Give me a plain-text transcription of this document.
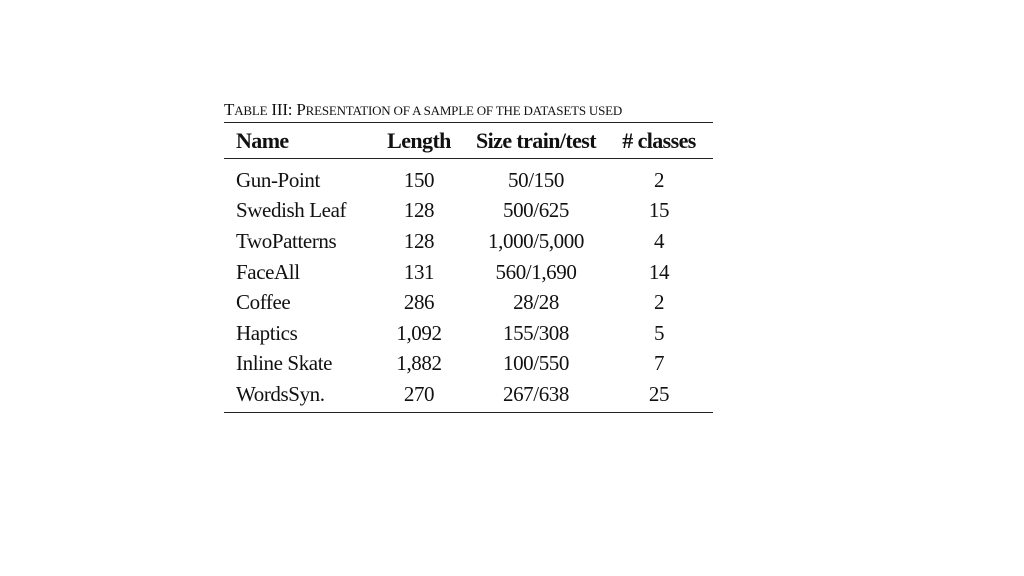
TABLE III: PRESENTATION OF A SAMPLE OF THE DATASETS USED
Name	Length	Size train/test	# classes
Gun-Point	150	50/150	2
Swedish Leaf	128	500/625	15
TwoPatterns	128	1,000/5,000	4
FaceAll	131	560/1,690	14
Coffee	286	28/28	2
Haptics	1,092	155/308	5
Inline Skate	1,882	100/550	7
WordsSyn.	270	267/638	25
